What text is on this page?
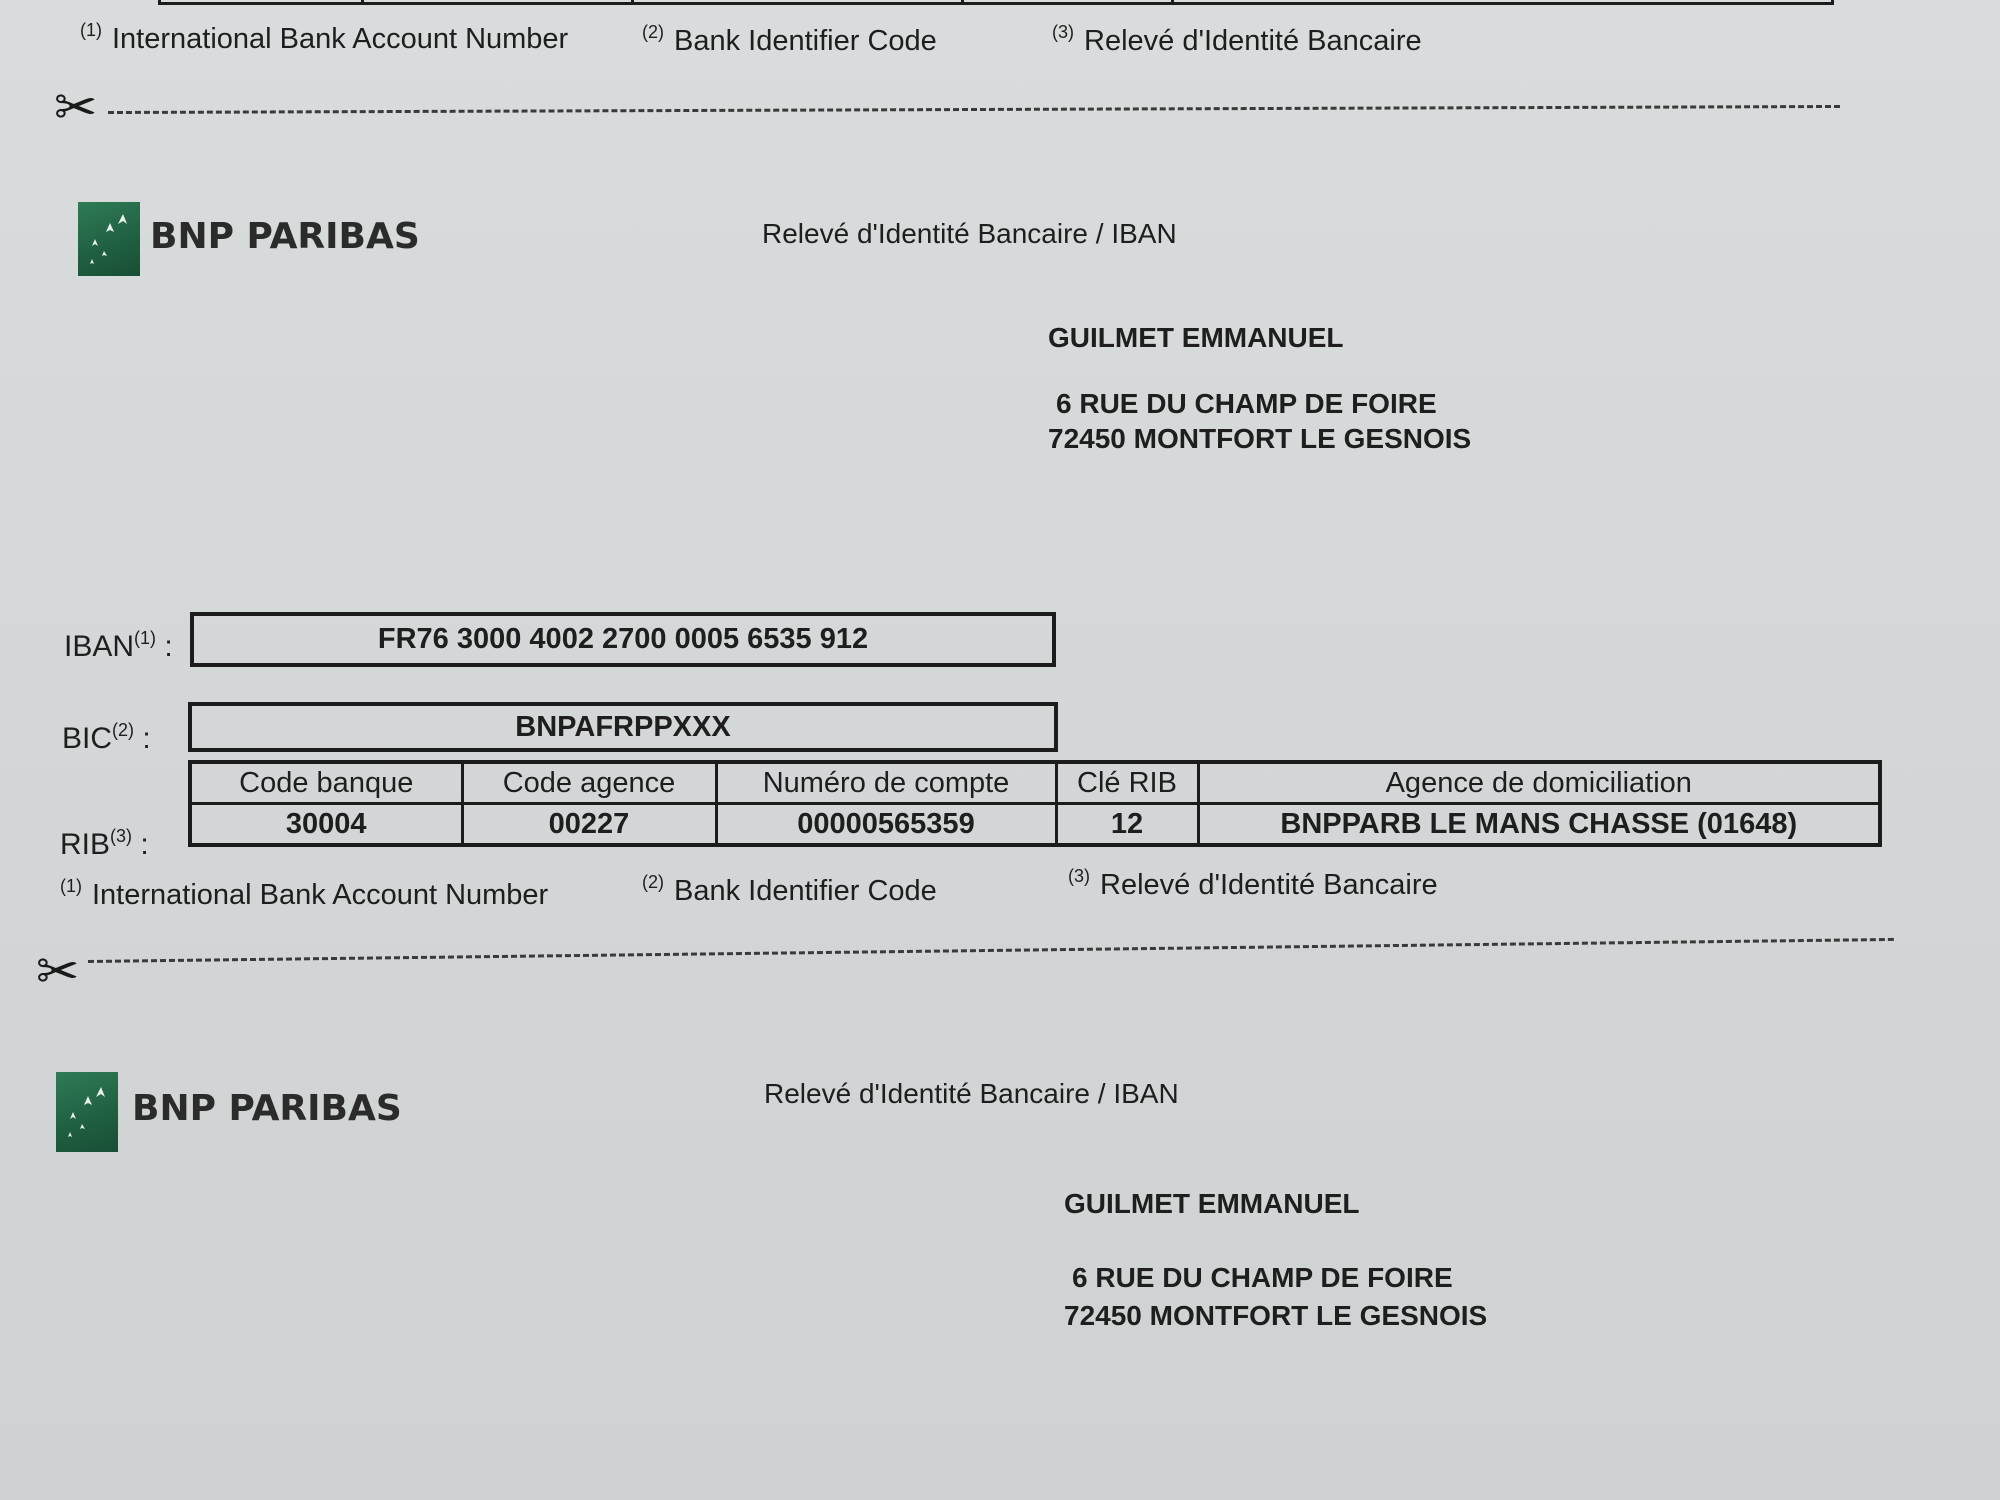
$^{(1)}$ International Bank Account Number	$^{(2)}$ Bank Identifier Code	$^{(3)}$ Relevé d'Identité Bancaire
✂
BNP PARIBAS	Relevé d'Identité Bancaire / IBAN
GUILMET EMMANUEL
6 RUE DU CHAMP DE FOIRE
72450 MONTFORT LE GESNOIS
IBAN$^{(1)}$ :	FR76 3000 4002 2700 0005 6535 912
BIC$^{(2)}$ :	BNPAFRPPXXX
RIB$^{(3)}$ :
Code banque	Code agence	Numéro de compte	Clé RIB	Agence de domiciliation
30004	00227	00000565359	12	BNPPARB LE MANS CHASSE (01648)
$^{(1)}$ International Bank Account Number	$^{(2)}$ Bank Identifier Code	$^{(3)}$ Relevé d'Identité Bancaire
✂
BNP PARIBAS	Relevé d'Identité Bancaire / IBAN
GUILMET EMMANUEL
6 RUE DU CHAMP DE FOIRE
72450 MONTFORT LE GESNOIS
